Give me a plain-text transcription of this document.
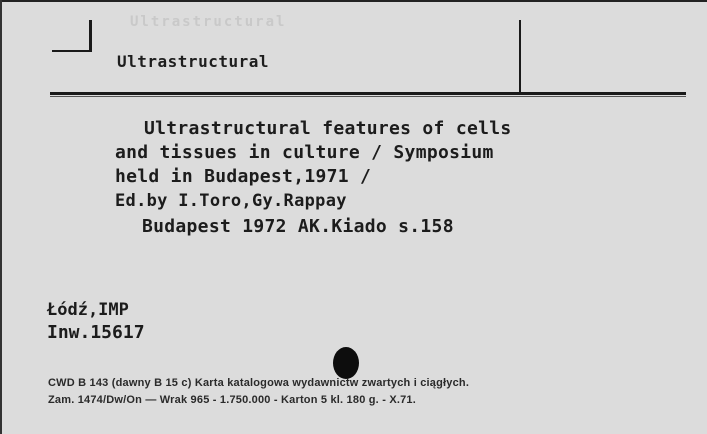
Ultrastructural
Ultrastructural
Ultrastructural features of cells
and tissues in culture / Symposium
held in Budapest,1971 /
Ed.by I.Toro,Gy.Rappay
Budapest 1972 AK.Kiado s.158
Łódź,IMP
Inw.15617
CWD B 143 (dawny B 15 c) Karta katalogowa wydawnictw zwartych i ciągłych.
Zam. 1474/Dw/On — Wrak 965 - 1.750.000 - Karton 5 kl. 180 g. - X.71.
